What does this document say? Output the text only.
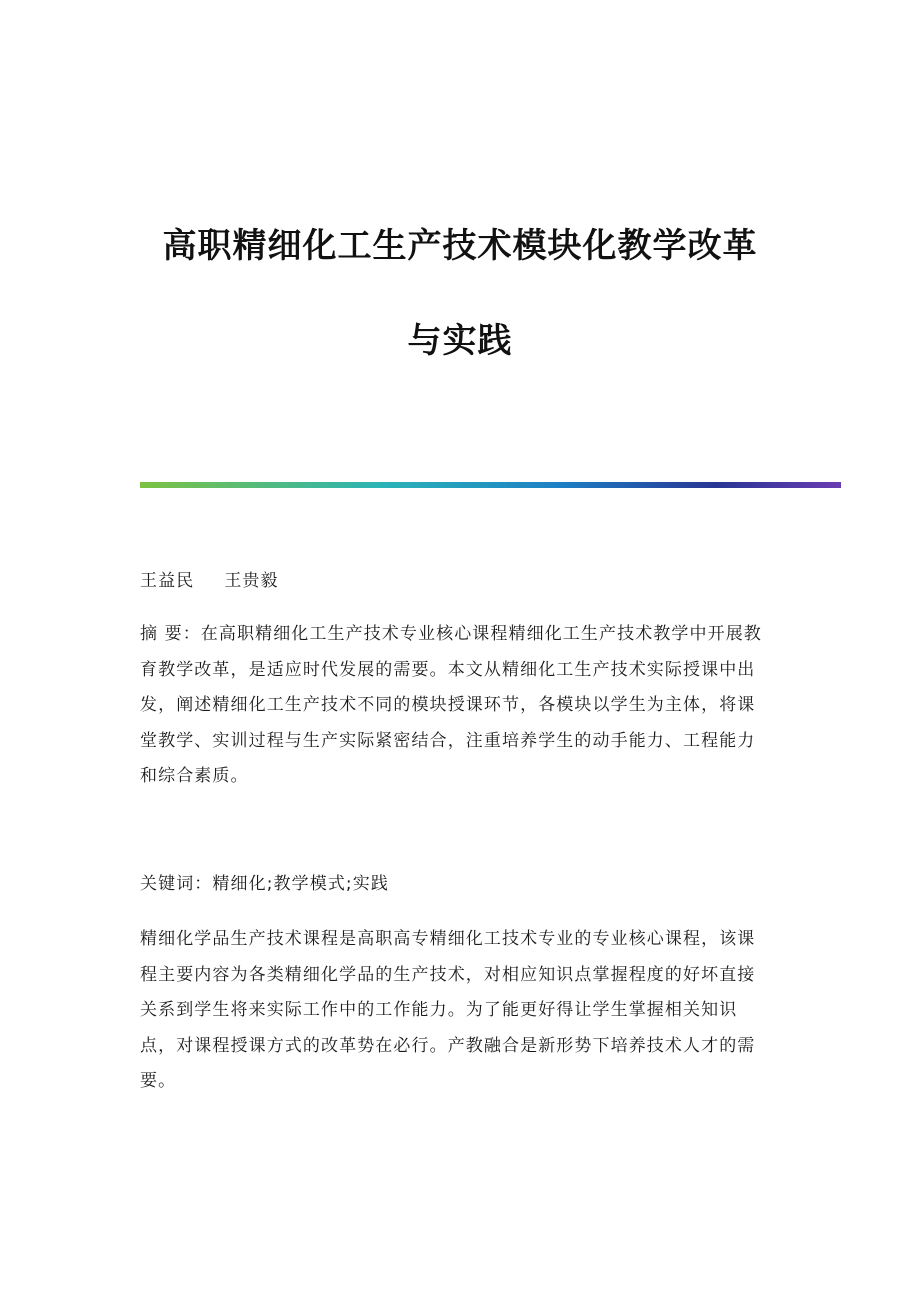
高职精细化工生产技术模块化教学改革
与实践
王益民 王贵毅
摘 要：在高职精细化工生产技术专业核心课程精细化工生产技术教学中开展教
育教学改革，是适应时代发展的需要。本文从精细化工生产技术实际授课中出
发，阐述精细化工生产技术不同的模块授课环节，各模块以学生为主体，将课
堂教学、实训过程与生产实际紧密结合，注重培养学生的动手能力、工程能力
和综合素质。
关键词：精细化;教学模式;实践
精细化学品生产技术课程是高职高专精细化工技术专业的专业核心课程，该课
程主要内容为各类精细化学品的生产技术，对相应知识点掌握程度的好坏直接
关系到学生将来实际工作中的工作能力。为了能更好得让学生掌握相关知识
点，对课程授课方式的改革势在必行。产教融合是新形势下培养技术人才的需
要。
